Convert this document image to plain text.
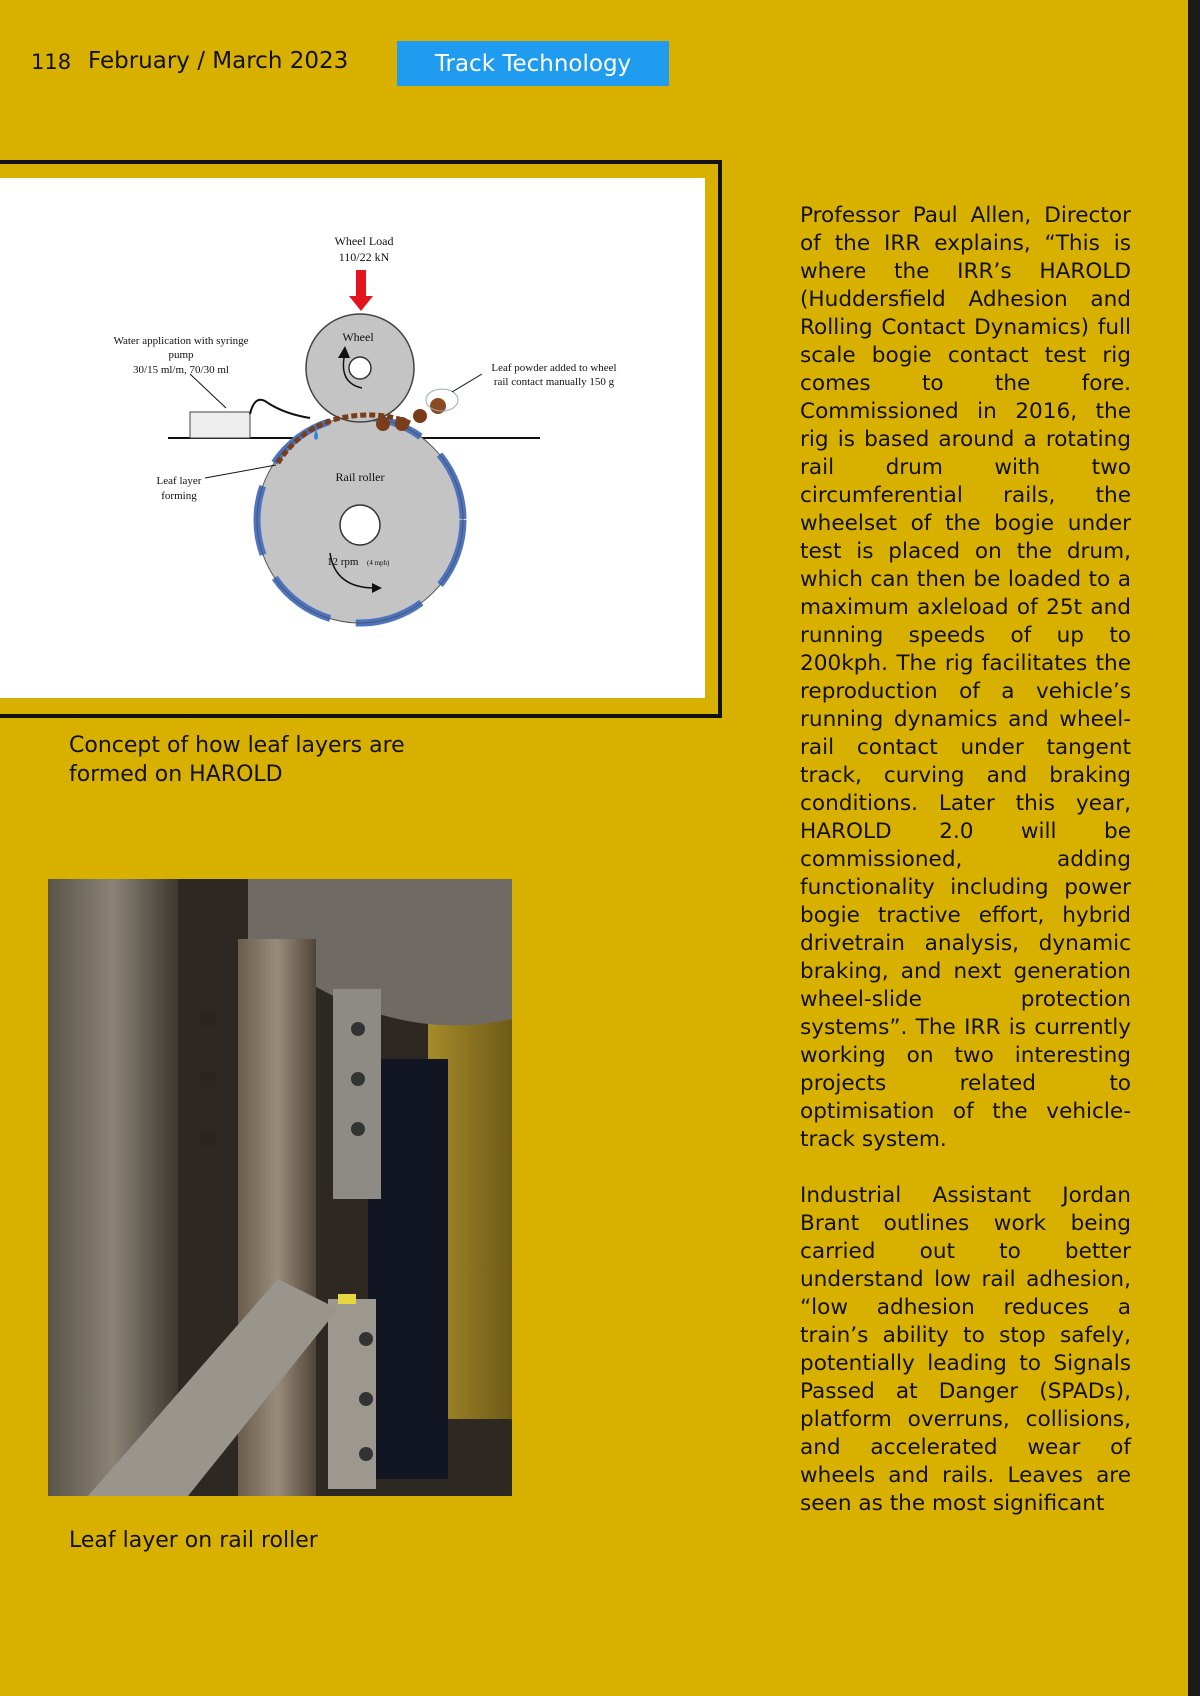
118 February / March 2023	Track Technology
Wheel Load
110/22 kN
Wheel
Rail roller
12 rpm (4 mph)
Water application with syringe
pump
30/15 ml/m, 70/30 ml	Leaf powder added to wheel
rail contact manually 150 g
Leaf layer
forming
Concept of how leaf layers are formed on HAROLD
Leaf layer on rail roller

Professor Paul Allen, Director of the IRR explains, “This is where the IRR’s HAROLD (Huddersfield Adhesion and Rolling Contact Dynamics) full scale bogie contact test rig comes to the fore. Commissioned in 2016, the rig is based around a rotating rail drum with two circumferential rails, the wheelset of the bogie under test is placed on the drum, which can then be loaded to a maximum axleload of 25t and running speeds of up to 200kph. The rig facilitates the reproduction of a vehicle’s running dynamics and wheel-rail contact under tangent track, curving and braking conditions. Later this year, HAROLD 2.0 will be commissioned, adding functionality including power bogie tractive effort, hybrid drivetrain analysis, dynamic braking, and next generation wheel-slide protection systems”. The IRR is currently working on two interesting projects related to optimisation of the vehicle-track system.

Industrial Assistant Jordan Brant outlines work being carried out to better understand low rail adhesion, “low adhesion reduces a train’s ability to stop safely, potentially leading to Signals Passed at Danger (SPADs), platform overruns, collisions, and accelerated wear of wheels and rails. Leaves are seen as the most significant
